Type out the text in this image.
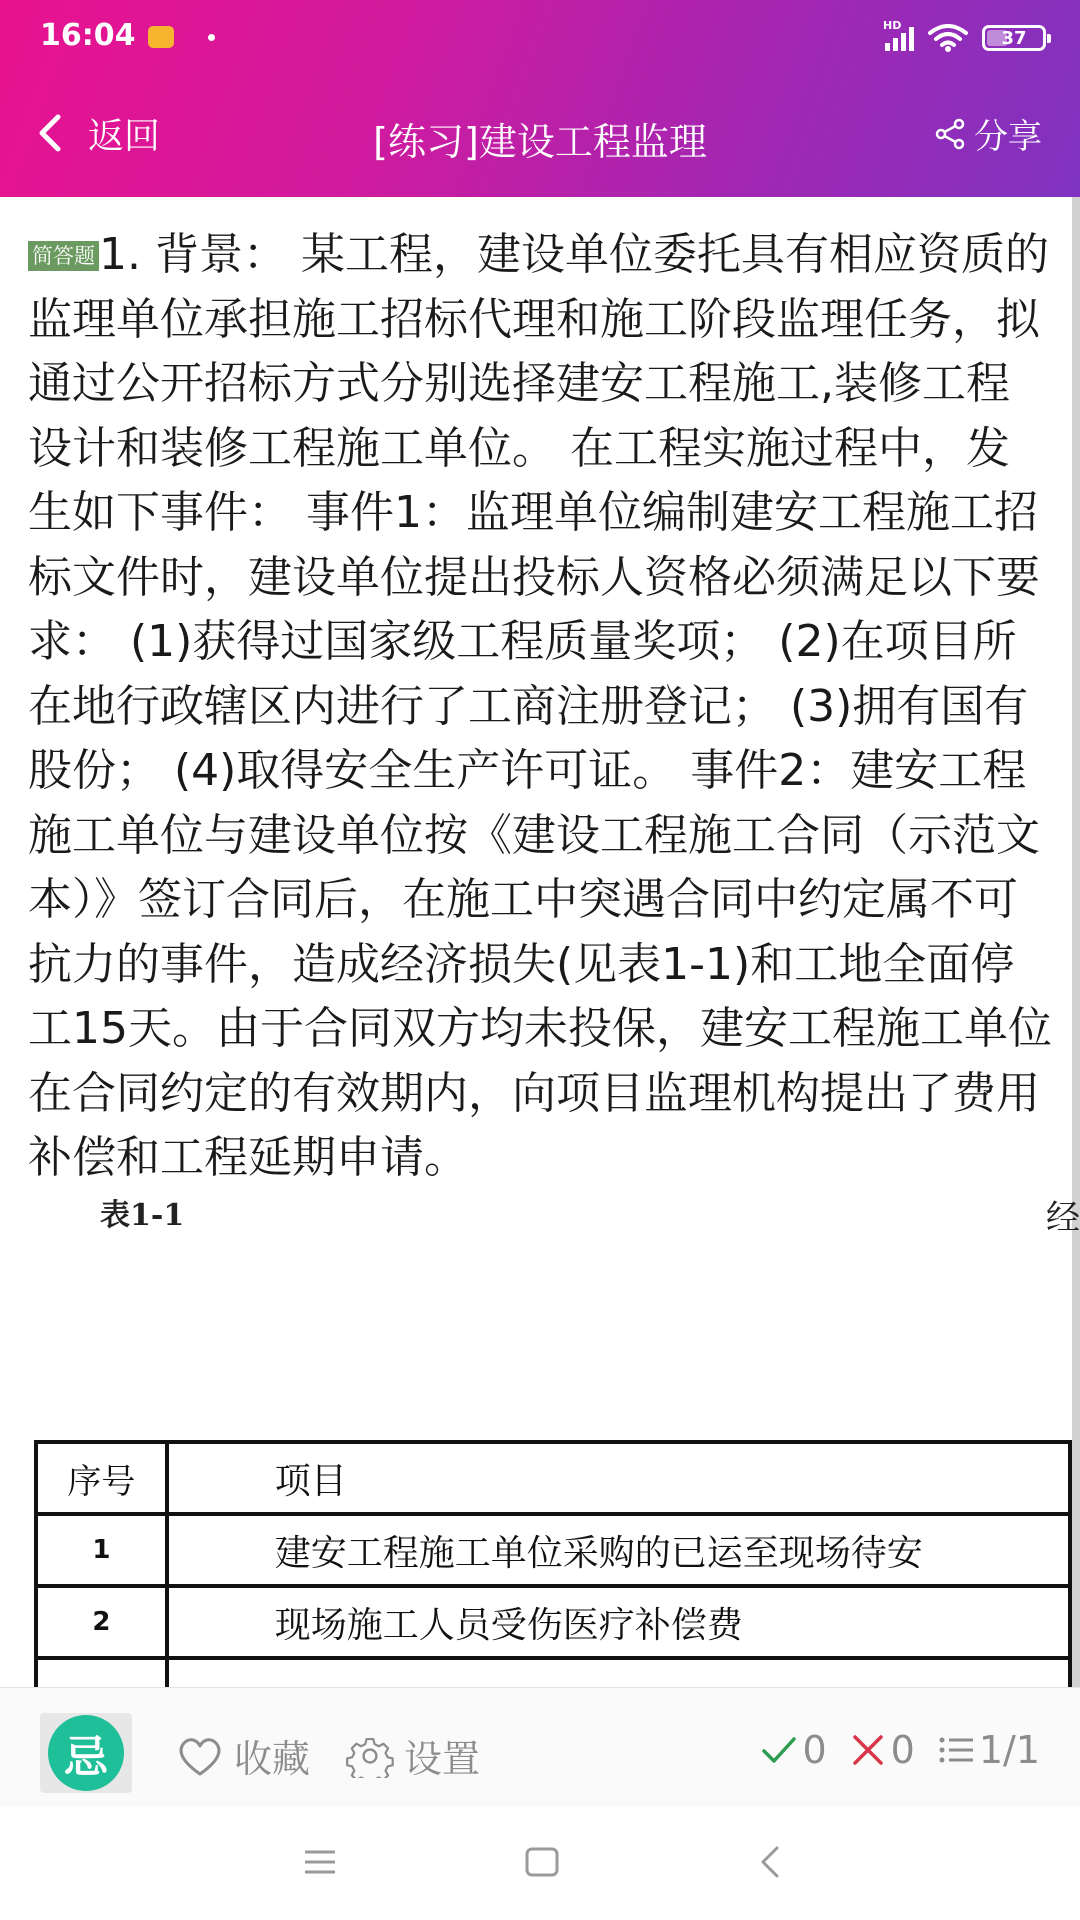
16:04	HD
37
返回	[练习]建设工程监理	分享

简答题1. 背景： 某工程，建设单位委托具有相应资质的监理单位承担施工招标代理和施工阶段监理任务，拟通过公开招标方式分别选择建安工程施工,装修工程设计和装修工程施工单位。 在工程实施过程中，发生如下事件： 事件1：监理单位编制建安工程施工招标文件时，建设单位提出投标人资格必须满足以下要求： (1)获得过国家级工程质量奖项； (2)在项目所在地行政辖区内进行了工商注册登记； (3)拥有国有股份； (4)取得安全生产许可证。 事件2：建安工程施工单位与建设单位按《建设工程施工合同（示范文本）》签订合同后，在施工中突遇合同中约定属不可抗力的事件，造成经济损失(见表1-1)和工地全面停工15天。由于合同双方均未投保，建安工程施工单位在合同约定的有效期内，向项目监理机构提出了费用补偿和工程延期申请。

表1-1	经
序号	项目
1	建安工程施工单位采购的已运至现场待安
2	现场施工人员受伤医疗补偿费

忌	收藏 设置	0 0 1/1
